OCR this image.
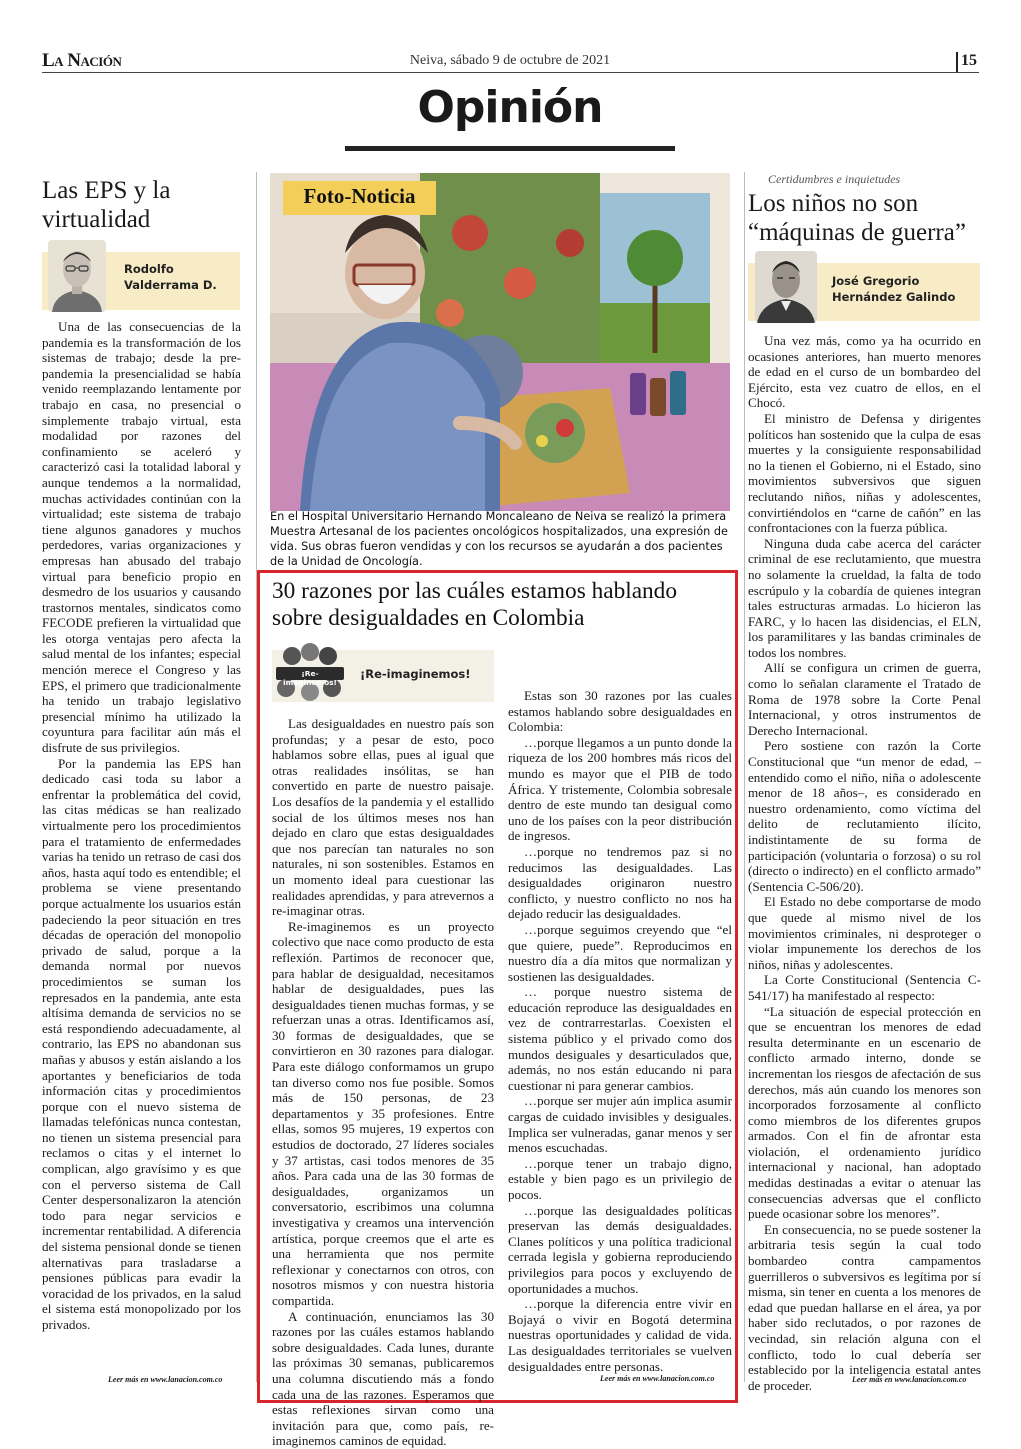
La Nación	Neiva, sábado 9 de octubre de 2021	15
Opinión
Las EPS y la virtualidad
Rodolfo Valderrama D.

Una de las consecuencias de la pandemia es la transformación de los sistemas de trabajo; desde la pre-pandemia la presencialidad se había venido reemplazando lentamente por trabajo en casa, no presencial o simplemente trabajo virtual, esta modalidad por razones del confinamiento se aceleró y caracterizó casi la totalidad laboral y aunque tendemos a la normalidad, muchas actividades continúan con la virtualidad; este sistema de trabajo tiene algunos ganadores y muchos perdedores, varias organizaciones y empresas han abusado del trabajo virtual para beneficio propio en desmedro de los usuarios y causando trastornos mentales, sindicatos como FECODE prefieren la virtualidad que les otorga ventajas pero afecta la salud mental de los infantes; especial mención merece el Congreso y las EPS, el primero que tradicionalmente ha tenido un trabajo legislativo presencial mínimo ha utilizado la coyuntura para facilitar aún más el disfrute de sus privilegios.

Por la pandemia las EPS han dedicado casi toda su labor a enfrentar la problemática del covid, las citas médicas se han realizado virtualmente pero los procedimientos para el tratamiento de enfermedades varias ha tenido un retraso de casi dos años, hasta aquí todo es entendible; el problema se viene presentando porque actualmente los usuarios están padeciendo la peor situación en tres décadas de operación del monopolio privado de salud, porque a la demanda normal por nuevos procedimientos se suman los represados en la pandemia, ante esta altísima demanda de servicios no se está respondiendo adecuadamente, al contrario, las EPS no abandonan sus mañas y abusos y están aislando a los aportantes y beneficiarios de toda información citas y procedimientos porque con el nuevo sistema de llamadas telefónicas nunca contestan, no tienen un sistema presencial para reclamos o citas y el internet lo complican, algo gravísimo y es que con el perverso sistema de Call Center despersonalizaron la atención todo para negar servicios e incrementar rentabilidad. A diferencia del sistema pensional donde se tienen alternativas para trasladarse a pensiones públicas para evadir la voracidad de los privados, en la salud el sistema está monopolizado por los privados.

Leer más en www.lanacion.com.co
Foto-Noticia
En el Hospital Universitario Hernando Moncaleano de Neiva se realizó la primera Muestra Artesanal de los pacientes oncológicos hospitalizados, una expresión de vida. Sus obras fueron vendidas y con los recursos se ayudarán a dos pacientes de la Unidad de Oncología.
30 razones por las cuáles estamos hablando sobre desigualdades en Colombia
¡Re-imaginemos!
¡Re-imaginemos!

Las desigualdades en nuestro país son profundas; y a pesar de esto, poco hablamos sobre ellas, pues al igual que otras realidades insólitas, se han convertido en parte de nuestro paisaje. Los desafíos de la pandemia y el estallido social de los últimos meses nos han dejado en claro que estas desigualdades que nos parecían tan naturales no son naturales, ni son sostenibles. Estamos en un momento ideal para cuestionar las realidades aprendidas, y para atrevernos a re-imaginar otras.

Re-imaginemos es un proyecto colectivo que nace como producto de esta reflexión. Partimos de reconocer que, para hablar de desigualdad, necesitamos hablar de desigualdades, pues las desigualdades tienen muchas formas, y se refuerzan unas a otras. Identificamos así, 30 formas de desigualdades, que se convirtieron en 30 razones para dialogar. Para este diálogo conformamos un grupo tan diverso como nos fue posible. Somos más de 150 personas, de 23 departamentos y 35 profesiones. Entre ellas, somos 95 mujeres, 19 expertos con estudios de doctorado, 27 líderes sociales y 37 artistas, casi todos menores de 35 años. Para cada una de las 30 formas de desigualdades, organizamos un conversatorio, escribimos una columna investigativa y creamos una intervención artística, porque creemos que el arte es una herramienta que nos permite reflexionar y conectarnos con otros, con nosotros mismos y con nuestra historia compartida.

A continuación, enunciamos las 30 razones por las cuáles estamos hablando sobre desigualdades. Cada lunes, durante las próximas 30 semanas, publicaremos una columna discutiendo más a fondo cada una de las razones. Esperamos que estas reflexiones sirvan como una invitación para que, como país, re-imaginemos caminos de equidad.

Estas son 30 razones por las cuales estamos hablando sobre desigualdades en Colombia:

…porque llegamos a un punto donde la riqueza de los 200 hombres más ricos del mundo es mayor que el PIB de todo África. Y tristemente, Colombia sobresale dentro de este mundo tan desigual como uno de los países con la peor distribución de ingresos.

…porque no tendremos paz si no reducimos las desigualdades. Las desigualdades originaron nuestro conflicto, y nuestro conflicto no nos ha dejado reducir las desigualdades.

…porque seguimos creyendo que “el que quiere, puede”. Reproducimos en nuestro día a día mitos que normalizan y sostienen las desigualdades.

… porque nuestro sistema de educación reproduce las desigualdades en vez de contrarrestarlas. Coexisten el sistema público y el privado como dos mundos desiguales y desarticulados que, además, no nos están educando ni para cuestionar ni para generar cambios.

…porque ser mujer aún implica asumir cargas de cuidado invisibles y desiguales. Implica ser vulneradas, ganar menos y ser menos escuchadas.

…porque tener un trabajo digno, estable y bien pago es un privilegio de pocos.

…porque las desigualdades políticas preservan las demás desigualdades. Clanes políticos y una política tradicional cerrada legisla y gobierna reproduciendo privilegios para pocos y excluyendo de oportunidades a muchos.

…porque la diferencia entre vivir en Bojayá o vivir en Bogotá determina nuestras oportunidades y calidad de vida. Las desigualdades territoriales se vuelven desigualdades entre personas.

Leer más en www.lanacion.com.co
Certidumbres e inquietudes
Los niños no son “máquinas de guerra”
José Gregorio Hernández Galindo

Una vez más, como ya ha ocurrido en ocasiones anteriores, han muerto menores de edad en el curso de un bombardeo del Ejército, esta vez cuatro de ellos, en el Chocó.

El ministro de Defensa y dirigentes políticos han sostenido que la culpa de esas muertes y la consiguiente responsabilidad no la tienen el Gobierno, ni el Estado, sino movimientos subversivos que siguen reclutando niños, niñas y adolescentes, convirtiéndolos en “carne de cañón” en las confrontaciones con la fuerza pública.

Ninguna duda cabe acerca del carácter criminal de ese reclutamiento, que muestra no solamente la crueldad, la falta de todo escrúpulo y la cobardía de quienes integran tales estructuras armadas. Lo hicieron las FARC, y lo hacen las disidencias, el ELN, los paramilitares y las bandas criminales de todos los nombres.

Allí se configura un crimen de guerra, como lo señalan claramente el Tratado de Roma de 1978 sobre la Corte Penal Internacional, y otros instrumentos de Derecho Internacional.

Pero sostiene con razón la Corte Constitucional que “un menor de edad, –entendido como el niño, niña o adolescente menor de 18 años–, es considerado en nuestro ordenamiento, como víctima del delito de reclutamiento ilícito, indistintamente de su forma de participación (voluntaria o forzosa) o su rol (directo o indirecto) en el conflicto armado” (Sentencia C-506/20).

El Estado no debe comportarse de modo que quede al mismo nivel de los movimientos criminales, ni desproteger o violar impunemente los derechos de los niños, niñas y adolescentes.

La Corte Constitucional (Sentencia C-541/17) ha manifestado al respecto:

“La situación de especial protección en que se encuentran los menores de edad resulta determinante en un escenario de conflicto armado interno, donde se incrementan los riesgos de afectación de sus derechos, más aún cuando los menores son incorporados forzosamente al conflicto como miembros de los diferentes grupos armados. Con el fin de afrontar esta violación, el ordenamiento jurídico internacional y nacional, han adoptado medidas destinadas a evitar o atenuar las consecuencias adversas que el conflicto puede ocasionar sobre los menores”.

En consecuencia, no se puede sostener la arbitraria tesis según la cual todo bombardeo contra campamentos guerrilleros o subversivos es legítima por sí misma, sin tener en cuenta a los menores de edad que puedan hallarse en el área, ya por haber sido reclutados, o por razones de vecindad, sin relación alguna con el conflicto, todo lo cual debería ser establecido por la inteligencia estatal antes de proceder.	Leer más en www.lanacion.com.co
